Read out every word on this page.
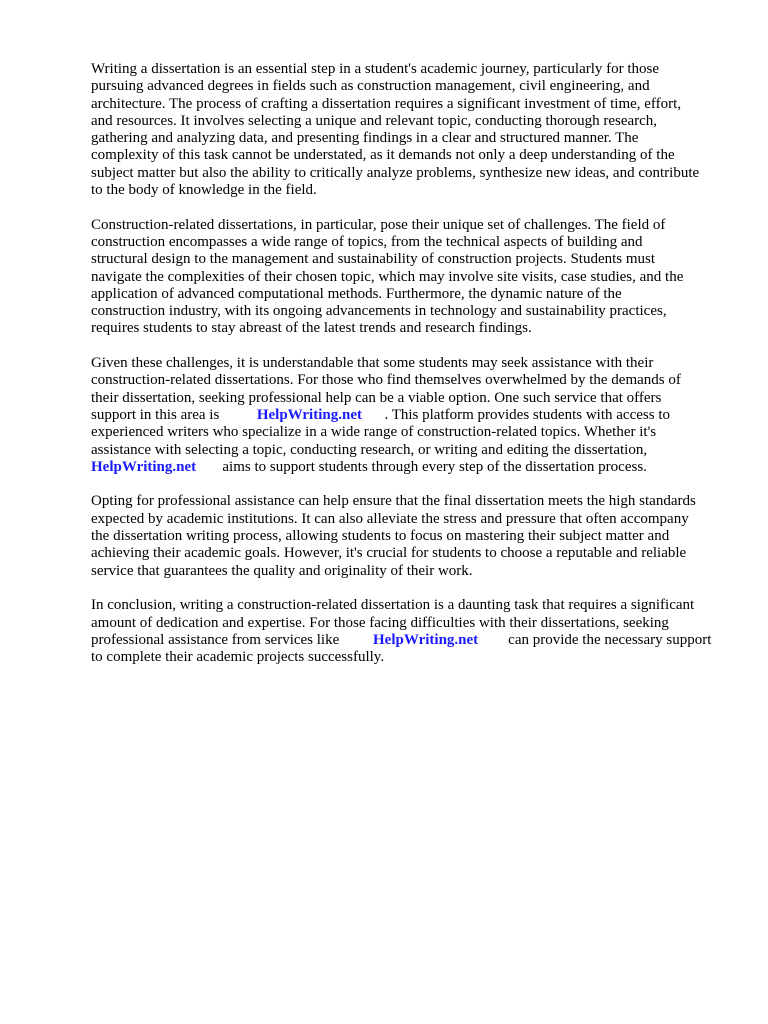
Writing a dissertation is an essential step in a student's academic journey, particularly for those
pursuing advanced degrees in fields such as construction management, civil engineering, and
architecture. The process of crafting a dissertation requires a significant investment of time, effort,
and resources. It involves selecting a unique and relevant topic, conducting thorough research,
gathering and analyzing data, and presenting findings in a clear and structured manner. The
complexity of this task cannot be understated, as it demands not only a deep understanding of the
subject matter but also the ability to critically analyze problems, synthesize new ideas, and contribute
to the body of knowledge in the field.

Construction-related dissertations, in particular, pose their unique set of challenges. The field of
construction encompasses a wide range of topics, from the technical aspects of building and
structural design to the management and sustainability of construction projects. Students must
navigate the complexities of their chosen topic, which may involve site visits, case studies, and the
application of advanced computational methods. Furthermore, the dynamic nature of the
construction industry, with its ongoing advancements in technology and sustainability practices,
requires students to stay abreast of the latest trends and research findings.

Given these challenges, it is understandable that some students may seek assistance with their
construction-related dissertations. For those who find themselves overwhelmed by the demands of
their dissertation, seeking professional help can be a viable option. One such service that offers
support in this area is	HelpWriting.net . This platform provides students with access to
experienced writers who specialize in a wide range of construction-related topics. Whether it's
assistance with selecting a topic, conducting research, or writing and editing the dissertation,
HelpWriting.net aims to support students through every step of the dissertation process.

Opting for professional assistance can help ensure that the final dissertation meets the high standards
expected by academic institutions. It can also alleviate the stress and pressure that often accompany
the dissertation writing process, allowing students to focus on mastering their subject matter and
achieving their academic goals. However, it's crucial for students to choose a reputable and reliable
service that guarantees the quality and originality of their work.

In conclusion, writing a construction-related dissertation is a daunting task that requires a significant
amount of dedication and expertise. For those facing difficulties with their dissertations, seeking
professional assistance from services like HelpWriting.net can provide the necessary support
to complete their academic projects successfully.
